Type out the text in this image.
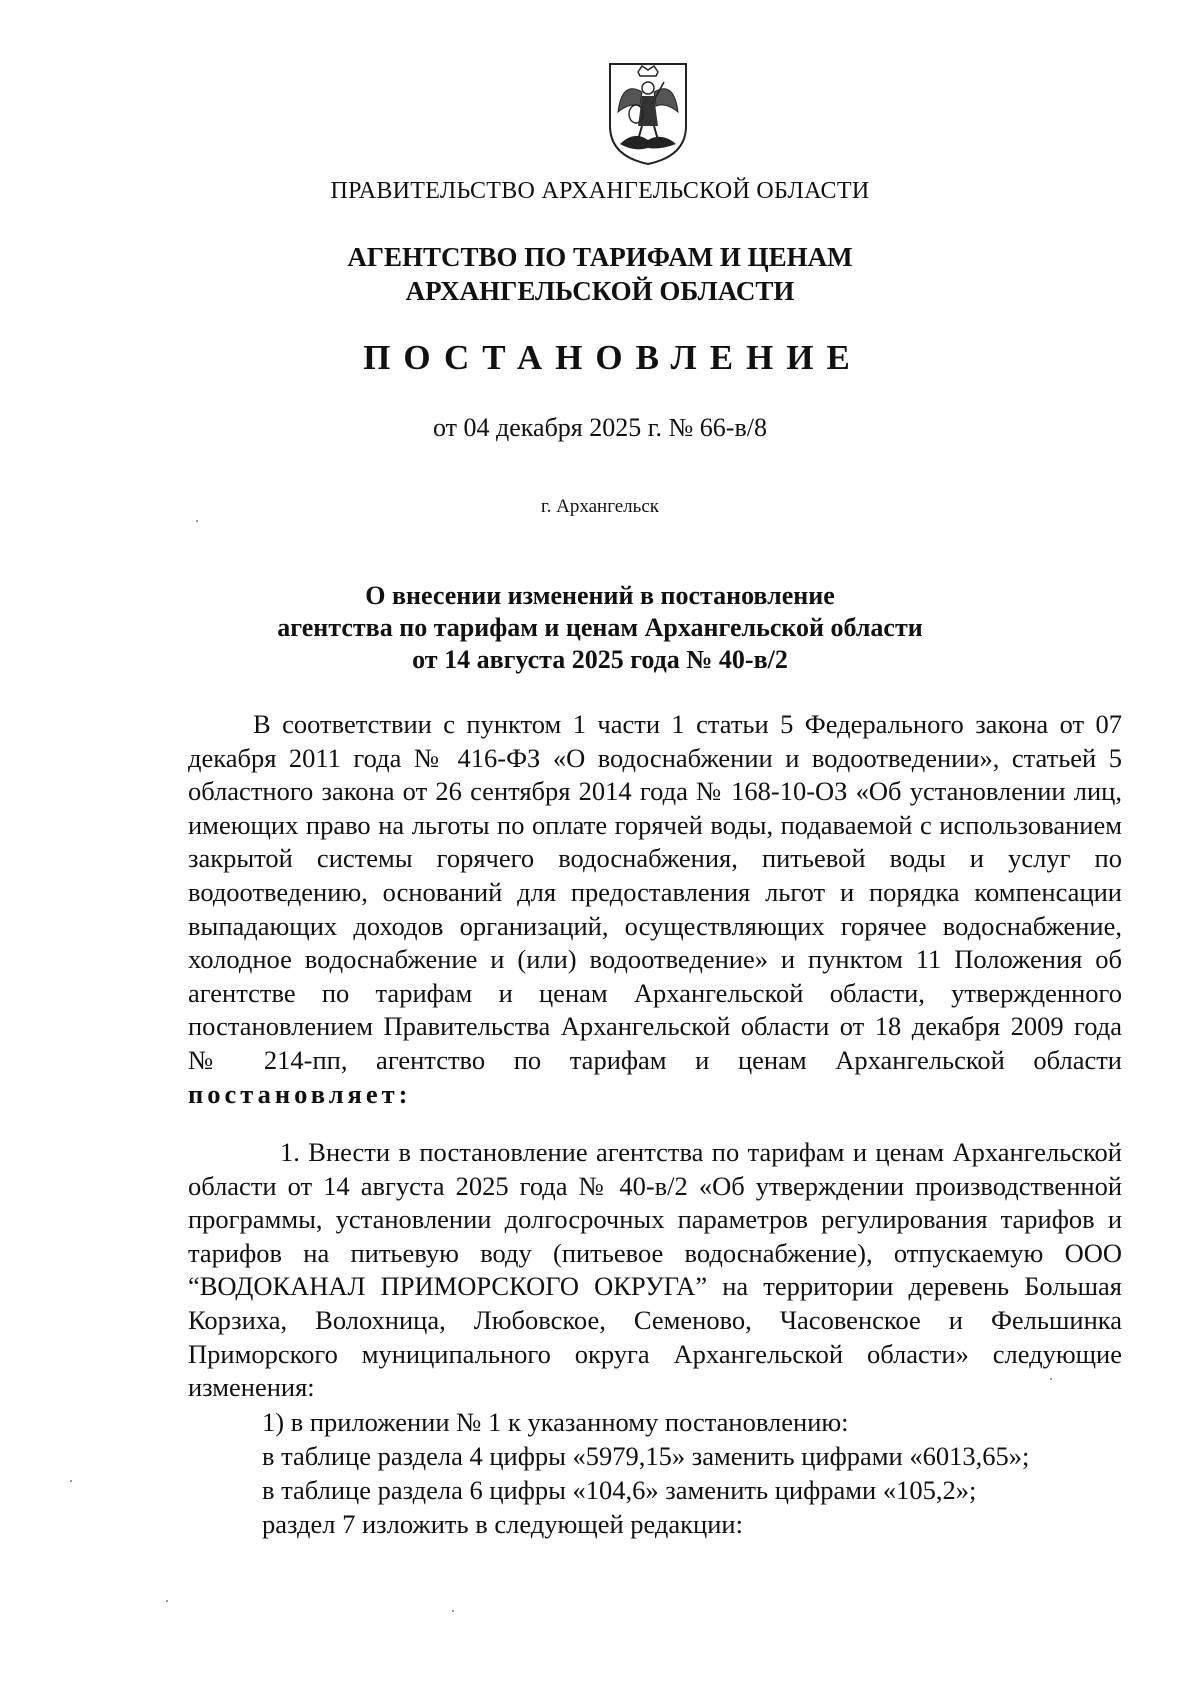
ПРАВИТЕЛЬСТВО АРХАНГЕЛЬСКОЙ ОБЛАСТИ
АГЕНТСТВО ПО ТАРИФАМ И ЦЕНАМ
АРХАНГЕЛЬСКОЙ ОБЛАСТИ
ПОСТАНОВЛЕНИЕ
от 04 декабря 2025 г. № 66-в/8
г. Архангельск
О внесении изменений в постановление
агентства по тарифам и ценам Архангельской области
от 14 августа 2025 года № 40-в/2

В соответствии с пунктом 1 части 1 статьи 5 Федерального закона от 07 декабря 2011 года № 416-ФЗ «О водоснабжении и водоотведении», статьей 5 областного закона от 26 сентября 2014 года № 168-10-ОЗ «Об установлении лиц, имеющих право на льготы по оплате горячей воды, подаваемой с использованием закрытой системы горячего водоснабжения, питьевой воды и услуг по водоотведению, оснований для предоставления льгот и порядка компенсации выпадающих доходов организаций, осуществляющих горячее водоснабжение, холодное водоснабжение и (или) водоотведение» и пунктом 11 Положения об агентстве по тарифам и ценам Архангельской области, утвержденного постановлением Правительства Архангельской области от 18 декабря 2009 года № 214-пп, агентство по тарифам и ценам Архангельской области постановляет:

1. Внести в постановление агентства по тарифам и ценам Архангельской области от 14 августа 2025 года № 40-в/2 «Об утверждении производственной программы, установлении долгосрочных параметров регулирования тарифов и тарифов на питьевую воду (питьевое водоснабжение), отпускаемую ООО “ВОДОКАНАЛ ПРИМОРСКОГО ОКРУГА” на территории деревень Большая Корзиха, Волохница, Любовское, Семеново, Часовенское и Фельшинка Приморского муниципального округа Архангельской области» следующие изменения:

1) в приложении № 1 к указанному постановлению:
в таблице раздела 4 цифры «5979,15» заменить цифрами «6013,65»;
в таблице раздела 6 цифры «104,6» заменить цифрами «105,2»;
раздел 7 изложить в следующей редакции:
